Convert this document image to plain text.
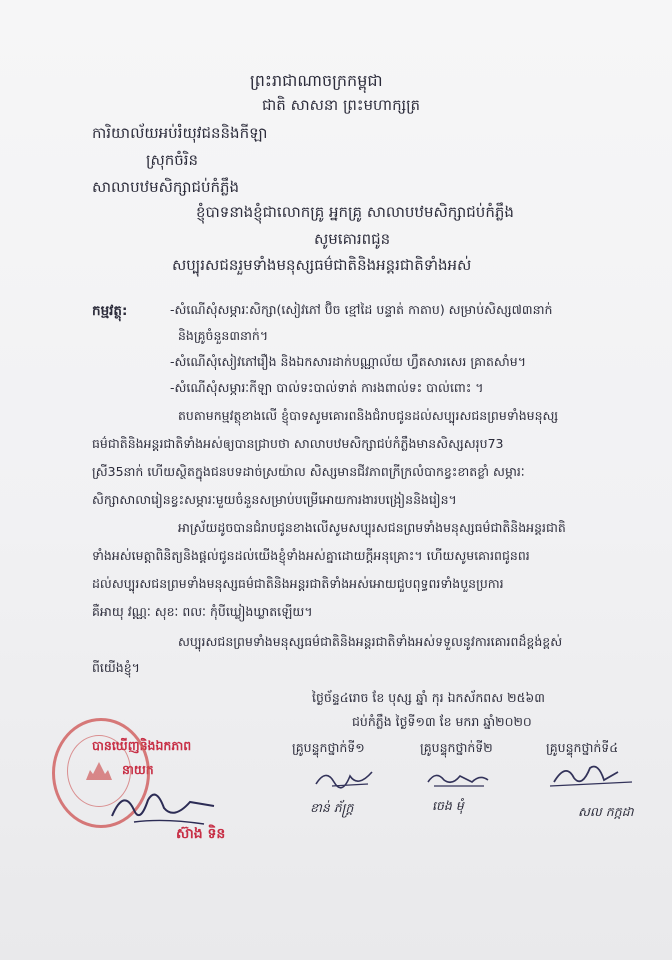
ព្រះរាជាណាចក្រកម្ពុជា
ជាតិ សាសនា ព្រះមហាក្សត្រ
ការិយាល័យអប់រំយុវជននិងកីឡា
ស្រុកចំរិន
សាលាបឋមសិក្សាជប់កំភ្លឹង
ខ្ញុំបាទនាងខ្ញុំជាលោកគ្រូ អ្នកគ្រូ សាលាបឋមសិក្សាជប់កំភ្លឹង
សូមគោរពជូន
សប្បុរសជនរួមទាំងមនុស្សធម៌ជាតិនិងអន្តរជាតិទាំងអស់
កម្មវត្ថុ:	-សំណើសុំសម្ភារៈសិក្សា(សៀវភៅ ប៊ិច ខ្មៅដៃ បន្ទាត់ កាតាប) សម្រាប់សិស្ស៧៣នាក់
និងគ្រូចំនួន៣នាក់។
-សំណើសុំសៀវភៅរឿង និងឯកសារដាក់បណ្ណាល័យ ហ្វឹតសារសេរ គ្រាតសាំម។
-សំណើសុំសម្ភារៈកីឡា បាល់ទះបាល់ទាត់ ការងពាល់ទះ បាល់ពោះ ។
តបតាមកម្មវត្ថុខាងលើ ខ្ញុំបាទសូមគោរពនិងជំរាបជូនដល់សប្បុរសជនព្រមទាំងមនុស្ស
ធម៌ជាតិនិងអន្តរជាតិទាំងអស់ឲ្យបានជ្រាបថា សាលាបឋមសិក្សាជប់កំភ្លឹងមានសិស្សសរុប73
ស្រី35នាក់ ហើយស្ថិតក្នុងជនបទដាច់ស្រយ៉ាល សិស្សមានជីវភាពក្រីក្រលំបាកខ្វះខាតខ្លាំ សម្ភារៈ
សិក្សាសាលារៀនខ្វះសម្ភារៈមួយចំនួនសម្រាប់បម្រើអោយការងារបង្រៀននិងរៀន។
អាស្រ័យដូចបានជំរាបជូនខាងលើសូមសប្បុរសជនព្រមទាំងមនុស្សធម៌ជាតិនិងអន្តរជាតិ
ទាំងអស់មេត្តាពិនិត្យនិងផ្តល់ជូនដល់យើងខ្ញុំទាំងអស់គ្នាដោយក្តីអនុគ្រោះ។ ហើយសូមគោរពជូនពរ
ដល់សប្បុរសជនព្រមទាំងមនុស្សធម៌ជាតិនិងអន្តរជាតិទាំងអស់អោយជួបពុទ្ធពរទាំងបួនប្រការ
គឺអាយុ វណ្ណៈ សុខៈ ពលៈ កុំបីឃ្លៀងឃ្លាតឡើយ។
សប្បុរសជនព្រមទាំងមនុស្សធម៌ជាតិនិងអន្តរជាតិទាំងអស់ទទួលនូវការគោរពដ៏ខ្ពង់ខ្ពស់
ពីយើងខ្ញុំ។
ថ្ងៃច័ន្ទ៤រោច ខែ បុស្ស ឆ្នាំ កុរ ឯកស័កពស ២៥៦៣
ជប់កំភ្លឹង ថ្ងៃទី១៣ ខែ មករា ឆ្នាំ២០២០
បានឃើញនិងឯកភាព
នាយក
ស៊ាង ទិន
គ្រូបន្ទុកថ្នាក់ទី១	គ្រូបន្ទុកថ្នាក់ទី២	គ្រូបន្ទុកថ្នាក់ទី៤
ខាន់ ភ័ក្ត្រ	ចេង មុំ	សល កក្កដា
